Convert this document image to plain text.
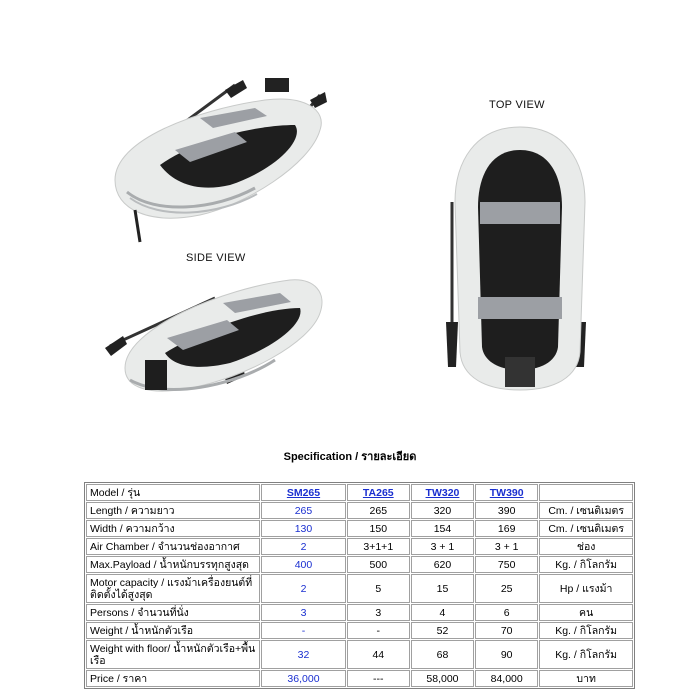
TOP VIEW
SIDE VIEW
Specification / รายละเอียด
Model / รุ่น	SM265	TA265	TW320	TW390	
Length / ความยาว	265	265	320	390	Cm. / เซนติเมตร
Width / ความกว้าง	130	150	154	169	Cm. / เซนติเมตร
Air Chamber / จำนวนช่องอากาศ	2	3+1+1	3 + 1	3 + 1	ช่อง
Max.Payload / น้ำหนักบรรทุกสูงสุด	400	500	620	750	Kg. / กิโลกรัม
Motor capacity / แรงม้าเครื่องยนต์ที่ติดตั้งได้สูงสุด	2	5	15	25	Hp / แรงม้า
Persons / จำนวนที่นั่ง	3	3	4	6	คน
Weight / น้ำหนักตัวเรือ	-	-	52	70	Kg. / กิโลกรัม
Weight with floor/ น้ำหนักตัวเรือ+พื้นเรือ	32	44	68	90	Kg. / กิโลกรัม
Price / ราคา	36,000	---	58,000	84,000	บาท
